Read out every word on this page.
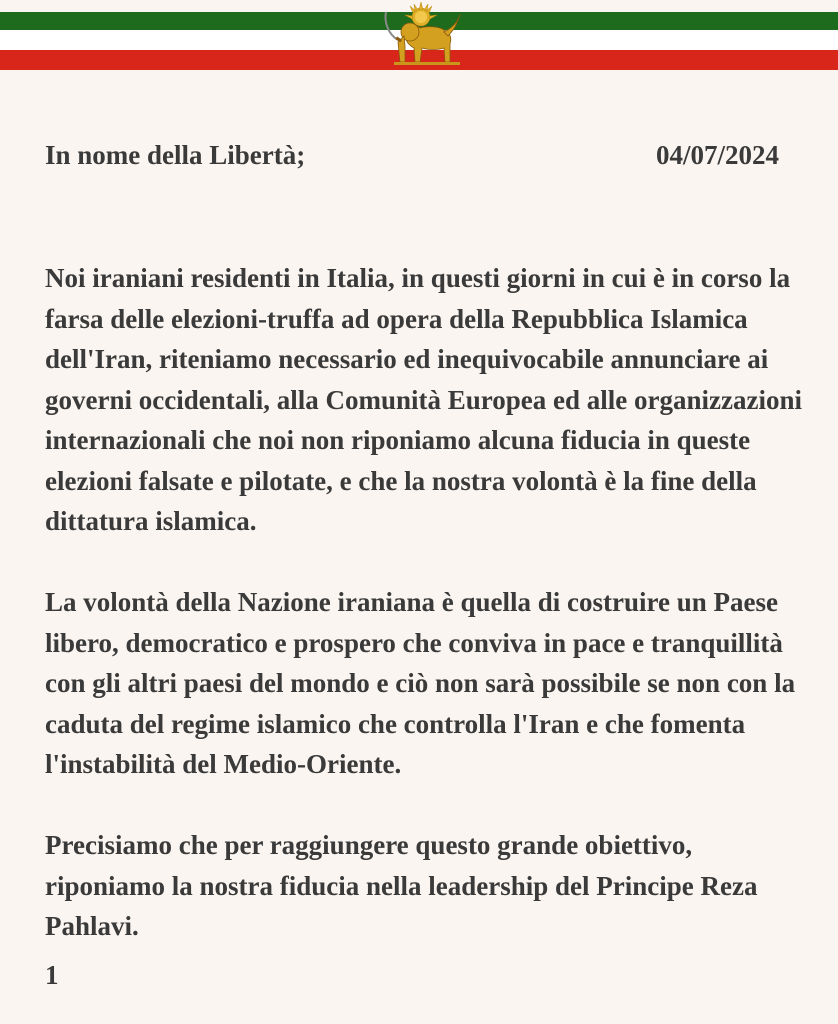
In nome della Libertà;	04/07/2024

Noi iraniani residenti in Italia, in questi giorni in cui è in corso la farsa delle elezioni-truffa ad opera della Repubblica Islamica dell'Iran, riteniamo necessario ed inequivocabile annunciare ai governi occidentali, alla Comunità Europea ed alle organizzazioni internazionali che noi non riponiamo alcuna fiducia in queste elezioni falsate e pilotate, e che la nostra volontà è la fine della dittatura islamica.

La volontà della Nazione iraniana è quella di costruire un Paese libero, democratico e prospero che conviva in pace e tranquillità con gli altri paesi del mondo e ciò non sarà possibile se non con la caduta del regime islamico che controlla l'Iran e che fomenta l'instabilità del Medio-Oriente.

Precisiamo che per raggiungere questo grande obiettivo, riponiamo la nostra fiducia nella leadership del Principe Reza Pahlavi.

1
